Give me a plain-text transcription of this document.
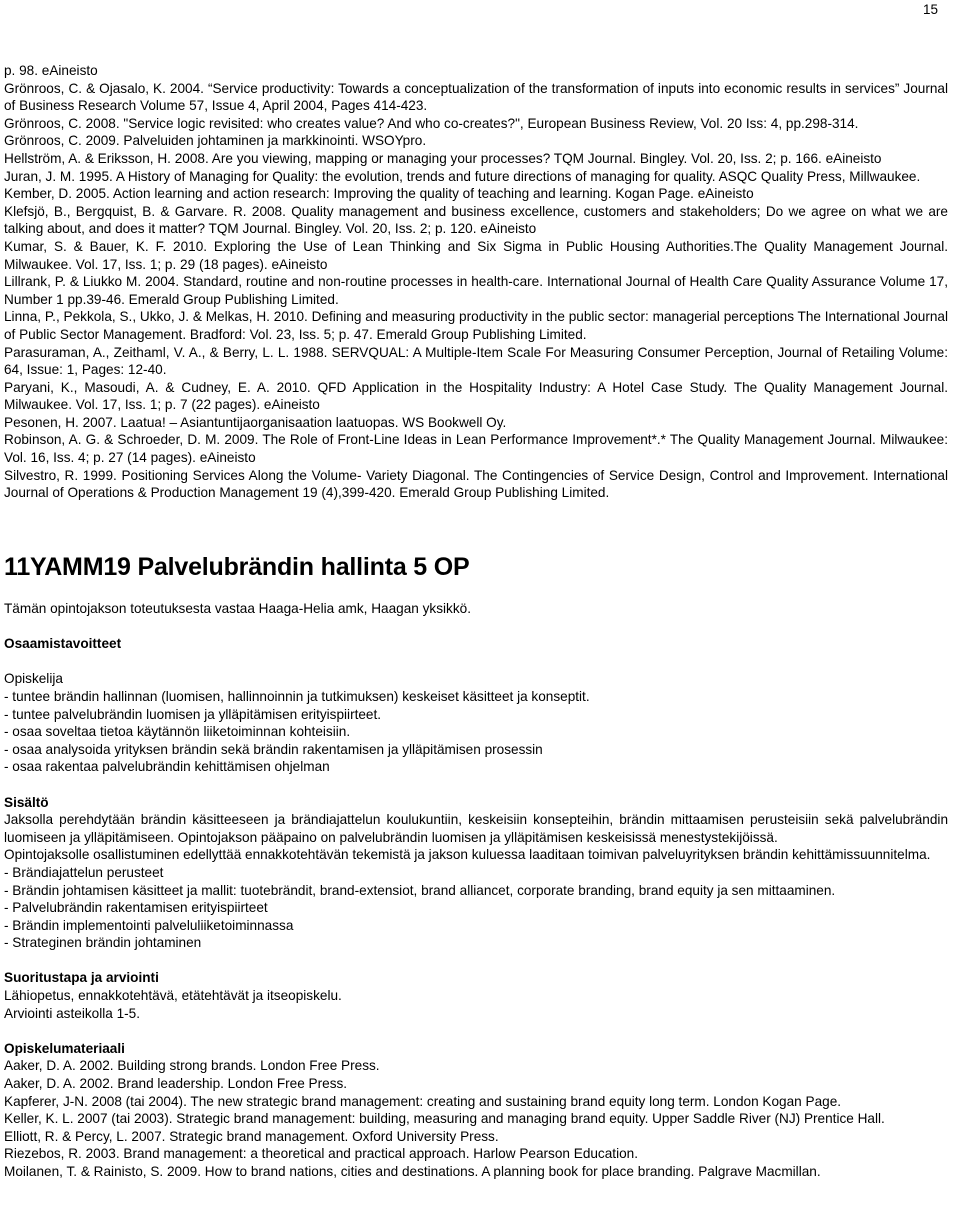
15

p. 98. eAineisto

Grönroos, C. & Ojasalo, K. 2004. “Service productivity: Towards a conceptualization of the transformation of inputs into economic results in services” Journal of Business Research Volume 57, Issue 4, April 2004, Pages 414-423.

Grönroos, C. 2008. "Service logic revisited: who creates value? And who co-creates?", European Business Review, Vol. 20 Iss: 4, pp.298-314.

Grönroos, C. 2009. Palveluiden johtaminen ja markkinointi. WSOYpro.

Hellström, A. & Eriksson, H. 2008. Are you viewing, mapping or managing your processes? TQM Journal. Bingley. Vol. 20, Iss. 2; p. 166. eAineisto

Juran, J. M. 1995. A History of Managing for Quality: the evolution, trends and future directions of managing for quality. ASQC Quality Press, Millwaukee.

Kember, D. 2005. Action learning and action research: Improving the quality of teaching and learning. Kogan Page. eAineisto

Klefsjö, B., Bergquist, B. & Garvare. R. 2008. Quality management and business excellence, customers and stakeholders; Do we agree on what we are talking about, and does it matter? TQM Journal. Bingley. Vol. 20, Iss. 2; p. 120. eAineisto

Kumar, S. & Bauer, K. F. 2010. Exploring the Use of Lean Thinking and Six Sigma in Public Housing Authorities.The Quality Management Journal. Milwaukee. Vol. 17, Iss. 1; p. 29 (18 pages). eAineisto

Lillrank, P. & Liukko M. 2004. Standard, routine and non-routine processes in health-care. International Journal of Health Care Quality Assurance Volume 17, Number 1 pp.39-46. Emerald Group Publishing Limited.

Linna, P., Pekkola, S., Ukko, J. & Melkas, H. 2010. Defining and measuring productivity in the public sector: managerial perceptions The International Journal of Public Sector Management. Bradford: Vol. 23, Iss. 5; p. 47. Emerald Group Publishing Limited.

Parasuraman, A., Zeithaml, V. A., & Berry, L. L. 1988. SERVQUAL: A Multiple-Item Scale For Measuring Consumer Perception, Journal of Retailing Volume: 64, Issue: 1, Pages: 12-40.

Paryani, K., Masoudi, A. & Cudney, E. A. 2010. QFD Application in the Hospitality Industry: A Hotel Case Study. The Quality Management Journal. Milwaukee. Vol. 17, Iss. 1; p. 7 (22 pages). eAineisto

Pesonen, H. 2007. Laatua! – Asiantuntijaorganisaation laatuopas. WS Bookwell Oy.

Robinson, A. G. & Schroeder, D. M. 2009. The Role of Front-Line Ideas in Lean Performance Improvement*.* The Quality Management Journal. Milwaukee: Vol. 16, Iss. 4; p. 27 (14 pages). eAineisto

Silvestro, R. 1999. Positioning Services Along the Volume- Variety Diagonal. The Contingencies of Service Design, Control and Improvement. International Journal of Operations & Production Management 19 (4),399-420. Emerald Group Publishing Limited.

11YAMM19 Palvelubrändin hallinta 5 OP

Tämän opintojakson toteutuksesta vastaa Haaga-Helia amk, Haagan yksikkö.

Osaamistavoitteet

Opiskelija

- tuntee brändin hallinnan (luomisen, hallinnoinnin ja tutkimuksen) keskeiset käsitteet ja konseptit.

- tuntee palvelubrändin luomisen ja ylläpitämisen erityispiirteet.

- osaa soveltaa tietoa käytännön liiketoiminnan kohteisiin.

- osaa analysoida yrityksen brändin sekä brändin rakentamisen ja ylläpitämisen prosessin

- osaa rakentaa palvelubrändin kehittämisen ohjelman

Sisältö

Jaksolla perehdytään brändin käsitteeseen ja brändiajattelun koulukuntiin, keskeisiin konsepteihin, brändin mittaamisen perusteisiin sekä palvelubrändin luomiseen ja ylläpitämiseen. Opintojakson pääpaino on palvelubrändin luomisen ja ylläpitämisen keskeisissä menestystekijöissä.

Opintojaksolle osallistuminen edellyttää ennakkotehtävän tekemistä ja jakson kuluessa laaditaan toimivan palveluyrityksen brändin kehittämissuunnitelma.

- Brändiajattelun perusteet

- Brändin johtamisen käsitteet ja mallit: tuotebrändit, brand-extensiot, brand alliancet, corporate branding, brand equity ja sen mittaaminen.

- Palvelubrändin rakentamisen erityispiirteet

- Brändin implementointi palveluliiketoiminnassa

- Strateginen brändin johtaminen

Suoritustapa ja arviointi

Lähiopetus, ennakkotehtävä, etätehtävät ja itseopiskelu.

Arviointi asteikolla 1-5.

Opiskelumateriaali

Aaker, D. A. 2002. Building strong brands. London Free Press.

Aaker, D. A. 2002. Brand leadership. London Free Press.

Kapferer, J-N. 2008 (tai 2004). The new strategic brand management: creating and sustaining brand equity long term. London Kogan Page.

Keller, K. L. 2007 (tai 2003). Strategic brand management: building, measuring and managing brand equity. Upper Saddle River (NJ) Prentice Hall.

Elliott, R. & Percy, L. 2007. Strategic brand management. Oxford University Press.

Riezebos, R. 2003. Brand management: a theoretical and practical approach. Harlow Pearson Education.

Moilanen, T. & Rainisto, S. 2009. How to brand nations, cities and destinations. A planning book for place branding. Palgrave Macmillan.
